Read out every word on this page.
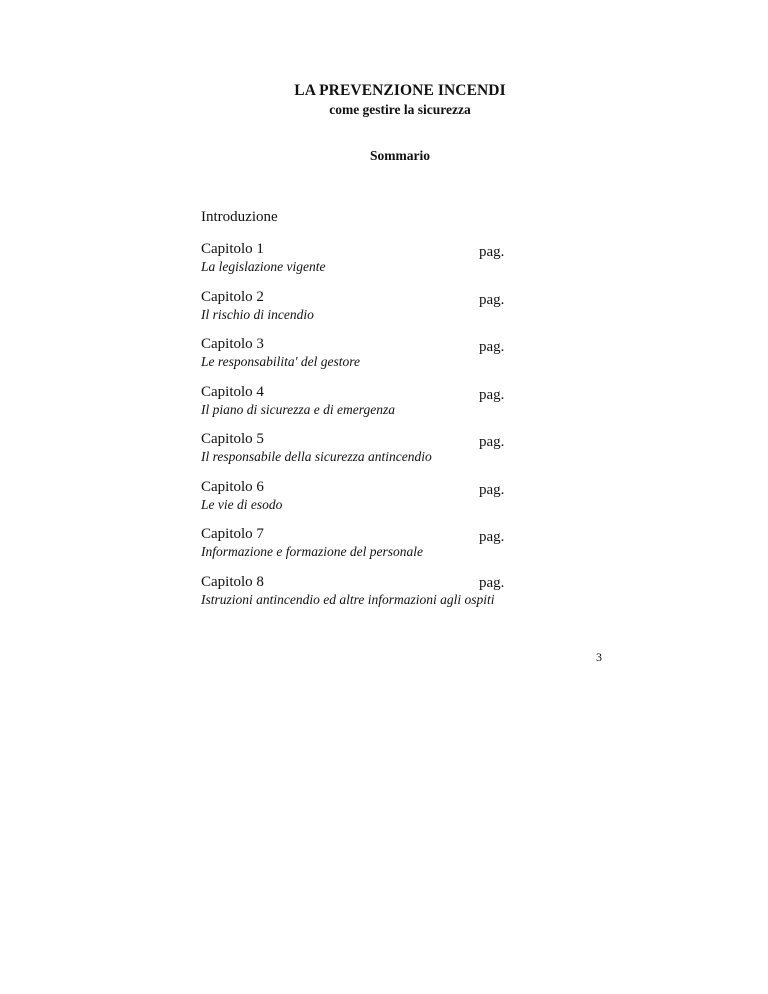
LA PREVENZIONE INCENDI
come gestire la sicurezza
Sommario
Introduzione
Capitolo 1	pag.
La legislazione vigente
Capitolo 2	pag.
Il rischio di incendio
Capitolo 3	pag.
Le responsabilita' del gestore
Capitolo 4	pag.
Il piano di sicurezza e di emergenza
Capitolo 5	pag.
Il responsabile della sicurezza antincendio
Capitolo 6	pag.
Le vie di esodo
Capitolo 7	pag.
Informazione e formazione del personale
Capitolo 8	pag.
Istruzioni antincendio ed altre informazioni agli ospiti
3
